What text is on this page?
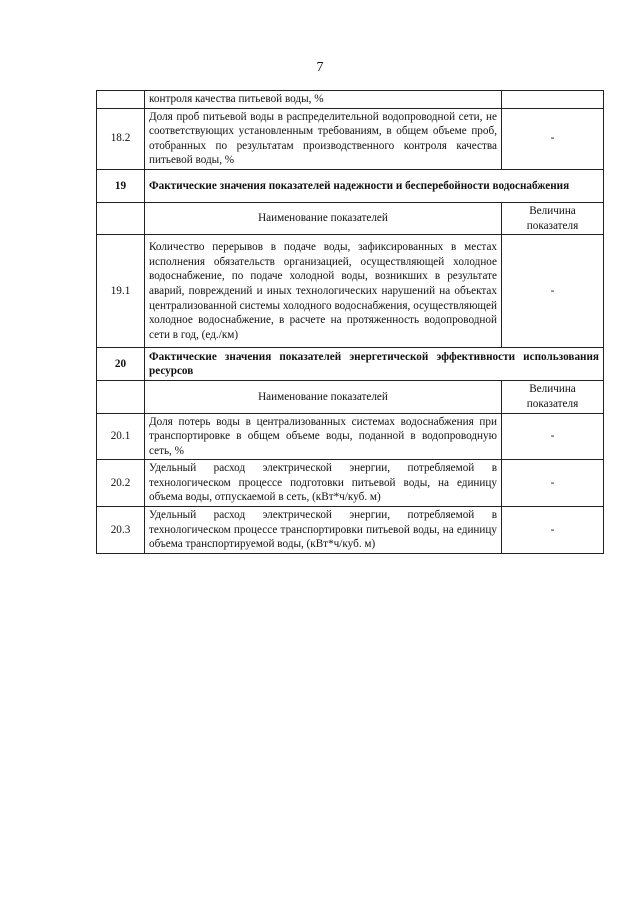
7
	контроля качества питьевой воды, %	
18.2	Доля проб питьевой воды в распределительной водопроводной сети, не соответствующих установленным требованиям, в общем объеме проб, отобранных по результатам производственного контроля качества питьевой воды, %	-
19	Фактические значения показателей надежности и бесперебойности водоснабжения	
	Наименование показателей	Величина показателя
19.1	Количество перерывов в подаче воды, зафиксированных в местах исполнения обязательств организацией, осуществляющей холодное водоснабжение, по подаче холодной воды, возникших в результате аварий, повреждений и иных технологических нарушений на объектах централизованной системы холодного водоснабжения, осуществляющей холодное водоснабжение, в расчете на протяженность водопроводной сети в год, (ед./км)	-
20	Фактические значения показателей энергетической эффективности использования ресурсов	
	Наименование показателей	Величина показателя
20.1	Доля потерь воды в централизованных системах водоснабжения при транспортировке в общем объеме воды, поданной в водопроводную сеть, %	-
20.2	Удельный расход электрической энергии, потребляемой в технологическом процессе подготовки питьевой воды, на единицу объема воды, отпускаемой в сеть, (кВт*ч/куб. м)	-
20.3	Удельный расход электрической энергии, потребляемой в технологическом процессе транспортировки питьевой воды, на единицу объема транспортируемой воды, (кВт*ч/куб. м)	-
